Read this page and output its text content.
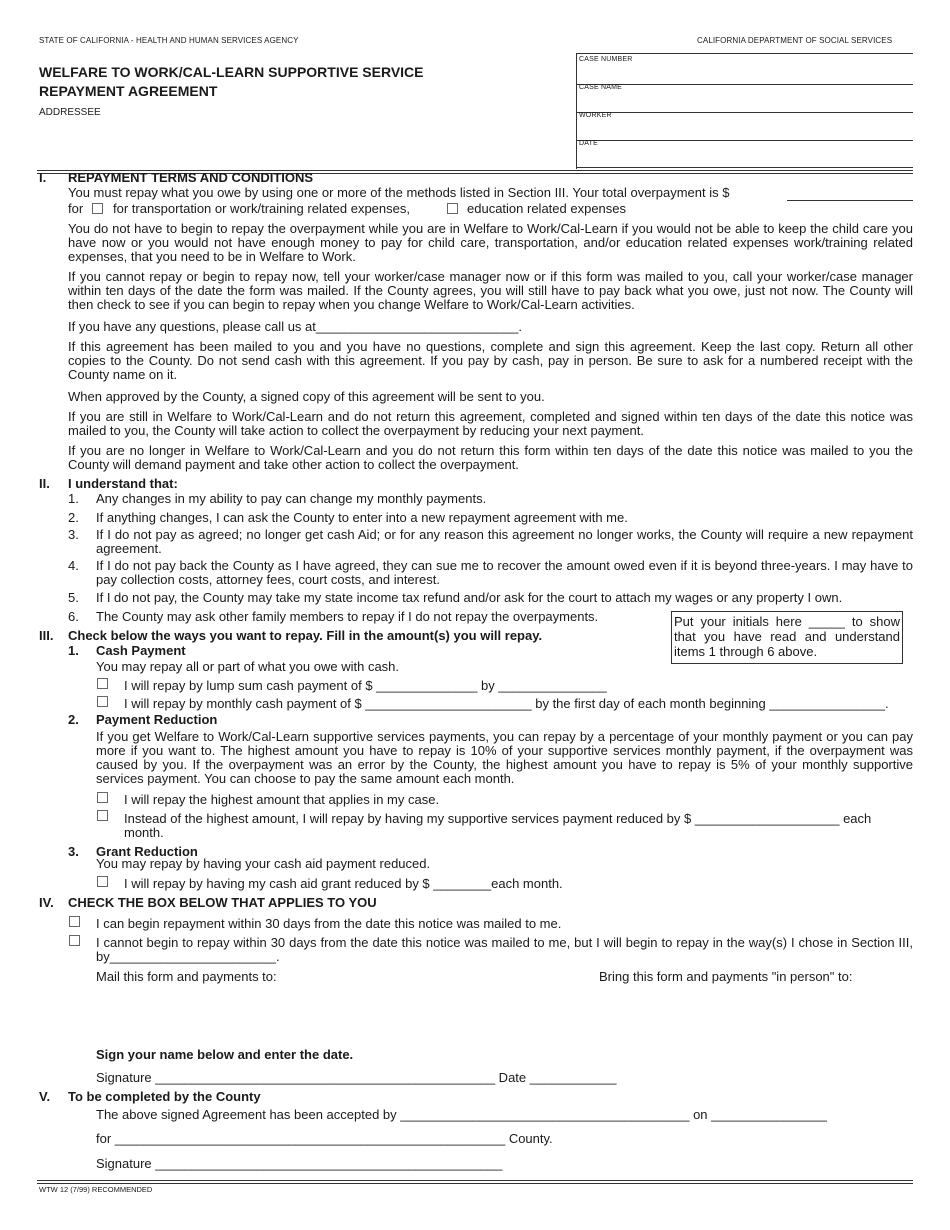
STATE OF CALIFORNIA - HEALTH AND HUMAN SERVICES AGENCY	CALIFORNIA DEPARTMENT OF SOCIAL SERVICES
WELFARE TO WORK/CAL-LEARN SUPPORTIVE SERVICE
REPAYMENT AGREEMENT
ADDRESSEE
CASE NUMBER
CASE NAME
WORKER
DATE
I. REPAYMENT TERMS AND CONDITIONS
You must repay what you owe by using one or more of the methods listed in Section III. Your total overpayment is $
for for transportation or work/training related expenses,	education related expenses
You do not have to begin to repay the overpayment while you are in Welfare to Work/Cal-Learn if you would not be able to keep the child care you have now or you would not have enough money to pay for child care, transportation, and/or education related expenses work/training related expenses, that you need to be in Welfare to Work.
If you cannot repay or begin to repay now, tell your worker/case manager now or if this form was mailed to you, call your worker/case manager within ten days of the date the form was mailed. If the County agrees, you will still have to pay back what you owe, just not now. The County will then check to see if you can begin to repay when you change Welfare to Work/Cal-Learn activities.
If you have any questions, please call us at____________________________.
If this agreement has been mailed to you and you have no questions, complete and sign this agreement. Keep the last copy. Return all other copies to the County. Do not send cash with this agreement. If you pay by cash, pay in person. Be sure to ask for a numbered receipt with the County name on it.
When approved by the County, a signed copy of this agreement will be sent to you.
If you are still in Welfare to Work/Cal-Learn and do not return this agreement, completed and signed within ten days of the date this notice was mailed to you, the County will take action to collect the overpayment by reducing your next payment.
If you are no longer in Welfare to Work/Cal-Learn and you do not return this form within ten days of the date this notice was mailed to you the County will demand payment and take other action to collect the overpayment.
II. I understand that:
1. Any changes in my ability to pay can change my monthly payments.
2. If anything changes, I can ask the County to enter into a new repayment agreement with me.
3. If I do not pay as agreed; no longer get cash Aid; or for any reason this agreement no longer works, the County will require a new repayment agreement.
4. If I do not pay back the County as I have agreed, they can sue me to recover the amount owed even if it is beyond three-years. I may have to pay collection costs, attorney fees, court costs, and interest.
5. If I do not pay, the County may take my state income tax refund and/or ask for the court to attach my wages or any property I own.
6. The County may ask other family members to repay if I do not repay the overpayments.	Put your initials here _____ to show that you have read and understand items 1 through 6 above.
III. Check below the ways you want to repay. Fill in the amount(s) you will repay.
1. Cash Payment
You may repay all or part of what you owe with cash.
I will repay by lump sum cash payment of $ ______________ by _______________
I will repay by monthly cash payment of $ _______________________ by the first day of each month beginning ________________.
2. Payment Reduction
If you get Welfare to Work/Cal-Learn supportive services payments, you can repay by a percentage of your monthly payment or you can pay more if you want to. The highest amount you have to repay is 10% of your supportive services monthly payment, if the overpayment was caused by you. If the overpayment was an error by the County, the highest amount you have to repay is 5% of your monthly supportive services payment. You can choose to pay the same amount each month.
I will repay the highest amount that applies in my case.
Instead of the highest amount, I will repay by having my supportive services payment reduced by $ ____________________ each month.
3. Grant Reduction
You may repay by having your cash aid payment reduced.
I will repay by having my cash aid grant reduced by $ ________each month.
IV. CHECK THE BOX BELOW THAT APPLIES TO YOU
I can begin repayment within 30 days from the date this notice was mailed to me.
I cannot begin to repay within 30 days from the date this notice was mailed to me, but I will begin to repay in the way(s) I chose in Section III, by_______________________.
Mail this form and payments to:	Bring this form and payments "in person" to:
Sign your name below and enter the date.
Signature _______________________________________________ Date ____________
V. To be completed by the County
The above signed Agreement has been accepted by ________________________________________ on ________________
for ______________________________________________________ County.
Signature ________________________________________________
WTW 12 (7/99) RECOMMENDED
